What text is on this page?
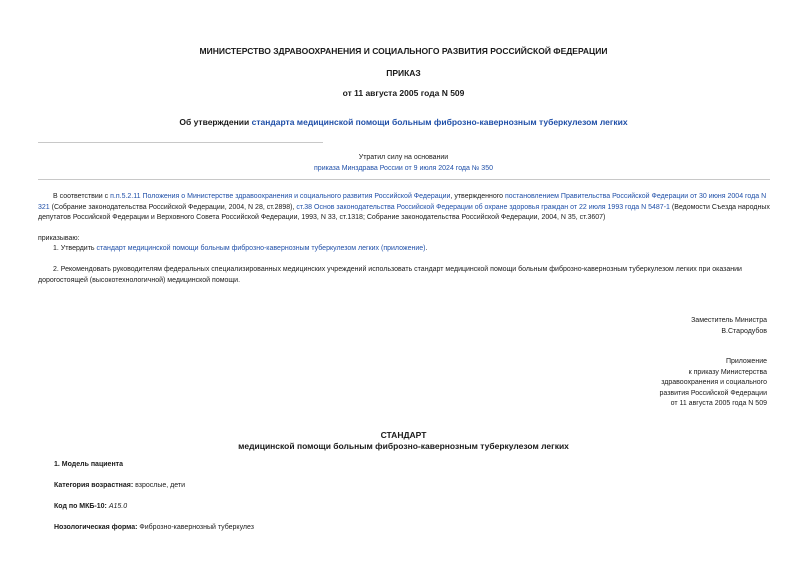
МИНИСТЕРСТВО ЗДРАВООХРАНЕНИЯ И СОЦИАЛЬНОГО РАЗВИТИЯ РОССИЙСКОЙ ФЕДЕРАЦИИ
ПРИКАЗ
от 11 августа 2005 года N 509
Об утверждении стандарта медицинской помощи больным фиброзно-кавернозным туберкулезом легких
Утратил силу на основании
приказа Минздрава России от 9 июля 2024 года № 350
В соответствии с п.п.5.2.11 Положения о Министерстве здравоохранения и социального развития Российской Федерации, утвержденного постановлением Правительства Российской Федерации от 30 июня 2004 года N 321 (Собрание законодательства Российской Федерации, 2004, N 28, ст.2898), ст.38 Основ законодательства Российской Федерации об охране здоровья граждан от 22 июля 1993 года N 5487-1 (Ведомости Съезда народных депутатов Российской Федерации и Верховного Совета Российской Федерации, 1993, N 33, ст.1318; Собрание законодательства Российской Федерации, 2004, N 35, ст.3607)
приказываю:
1. Утвердить стандарт медицинской помощи больным фиброзно-кавернозным туберкулезом легких (приложение).
2. Рекомендовать руководителям федеральных специализированных медицинских учреждений использовать стандарт медицинской помощи больным фиброзно-кавернозным туберкулезом легких при оказании дорогостоящей (высокотехнологичной) медицинской помощи.
Заместитель Министра
В.Стародубов
Приложение
к приказу Министерства
здравоохранения и социального
развития Российской Федерации
от 11 августа 2005 года N 509
СТАНДАРТ
медицинской помощи больным фиброзно-кавернозным туберкулезом легких
1. Модель пациента
Категория возрастная: взрослые, дети
Код по МКБ-10: A15.0
Нозологическая форма: Фиброзно-кавернозный туберкулез
